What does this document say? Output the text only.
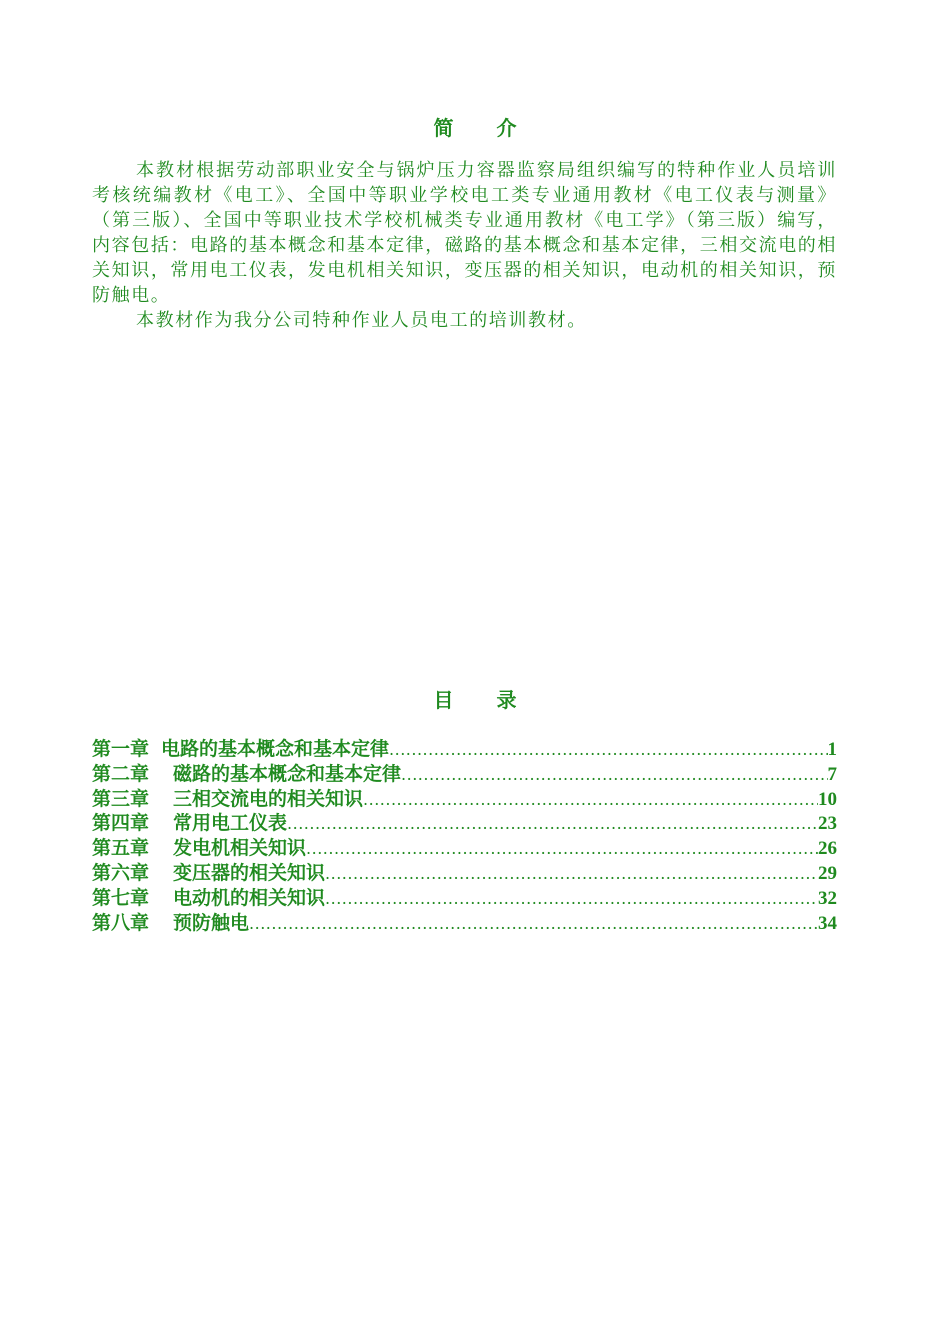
简 介

本教材根据劳动部职业安全与锅炉压力容器监察局组织编写的特种作业人员培训考核统编教材《电工》、全国中等职业学校电工类专业通用教材《电工仪表与测量》（第三版）、全国中等职业技术学校机械类专业通用教材《电工学》（第三版）编写，内容包括：电路的基本概念和基本定律，磁路的基本概念和基本定律，三相交流电的相关知识，常用电工仪表，发电机相关知识，变压器的相关知识，电动机的相关知识，预防触电。

本教材作为我分公司特种作业人员电工的培训教材。

目 录
第一章 电路的基本概念和基本定律 .....	1
第二章 磁路的基本概念和基本定律 .....	7
第三章 三相交流电的相关知识 .....	10
第四章 常用电工仪表 .....	23
第五章 发电机相关知识 .....	26
第六章 变压器的相关知识 .....	29
第七章 电动机的相关知识 .....	32
第八章 预防触电 .....	34
